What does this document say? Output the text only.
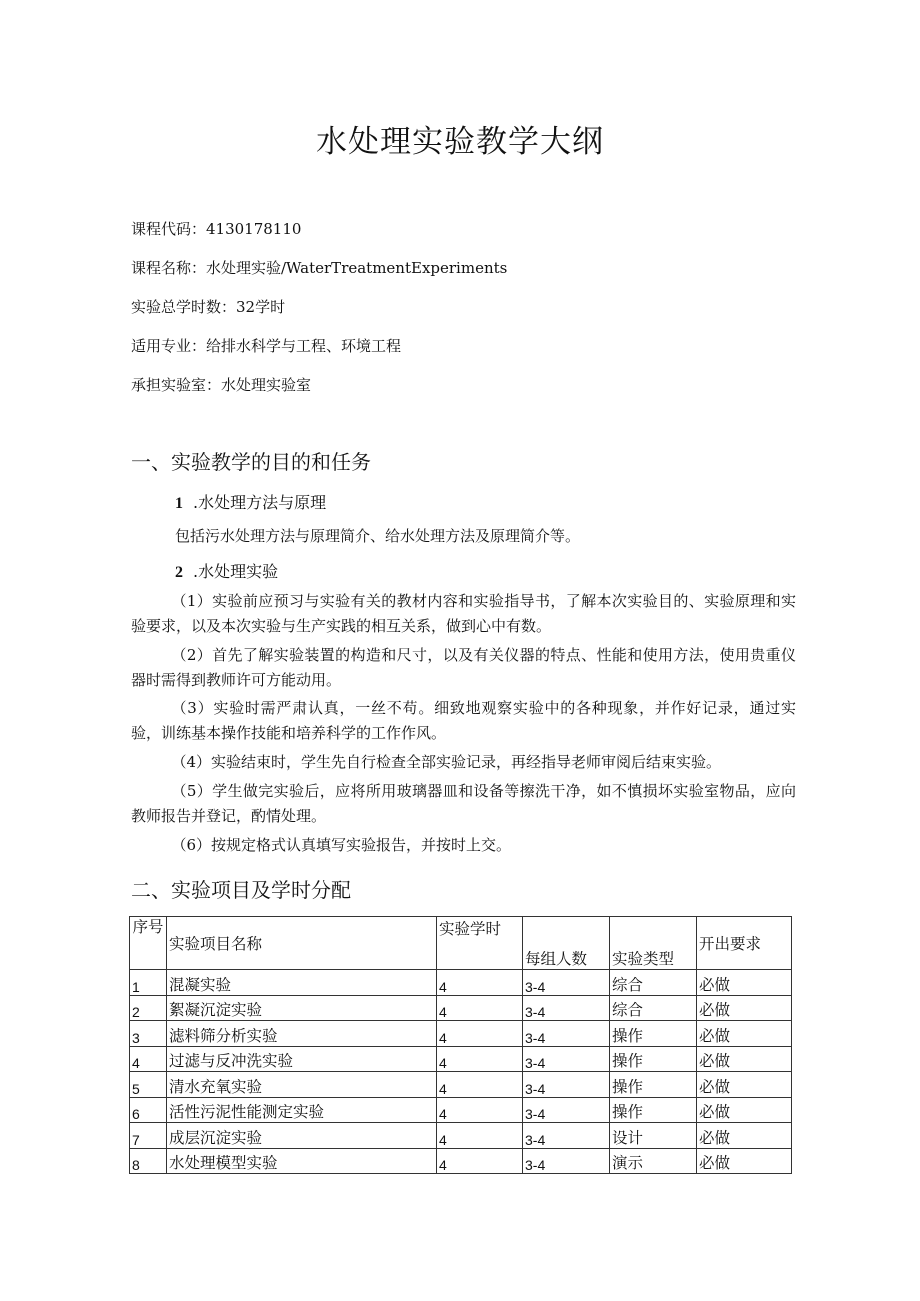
水处理实验教学大纲
课程代码：4130178110
课程名称：水处理实验/WaterTreatmentExperiments
实验总学时数：32学时
适用专业：给排水科学与工程、环境工程
承担实验室：水处理实验室
一、实验教学的目的和任务
1 .水处理方法与原理
包括污水处理方法与原理简介、给水处理方法及原理简介等。
2 .水处理实验
（1）实验前应预习与实验有关的教材内容和实验指导书，了解本次实验目的、实验原理和实验要求，以及本次实验与生产实践的相互关系，做到心中有数。
（2）首先了解实验装置的构造和尺寸，以及有关仪器的特点、性能和使用方法，使用贵重仪器时需得到教师许可方能动用。
（3）实验时需严肃认真，一丝不苟。细致地观察实验中的各种现象，并作好记录，通过实验，训练基本操作技能和培养科学的工作作风。
（4）实验结束时，学生先自行检查全部实验记录，再经指导老师审阅后结束实验。
（5）学生做完实验后，应将所用玻璃器皿和设备等擦洗干净，如不慎损坏实验室物品，应向教师报告并登记，酌情处理。
（6）按规定格式认真填写实验报告，并按时上交。
二、实验项目及学时分配
序号	实验项目名称	实验学时	每组人数	实验类型	开出要求
1	混凝实验	4	3-4	综合	必做
2	絮凝沉淀实验	4	3-4	综合	必做
3	滤料筛分析实验	4	3-4	操作	必做
4	过滤与反冲洗实验	4	3-4	操作	必做
5	清水充氧实验	4	3-4	操作	必做
6	活性污泥性能测定实验	4	3-4	操作	必做
7	成层沉淀实验	4	3-4	设计	必做
8	水处理模型实验	4	3-4	演示	必做
